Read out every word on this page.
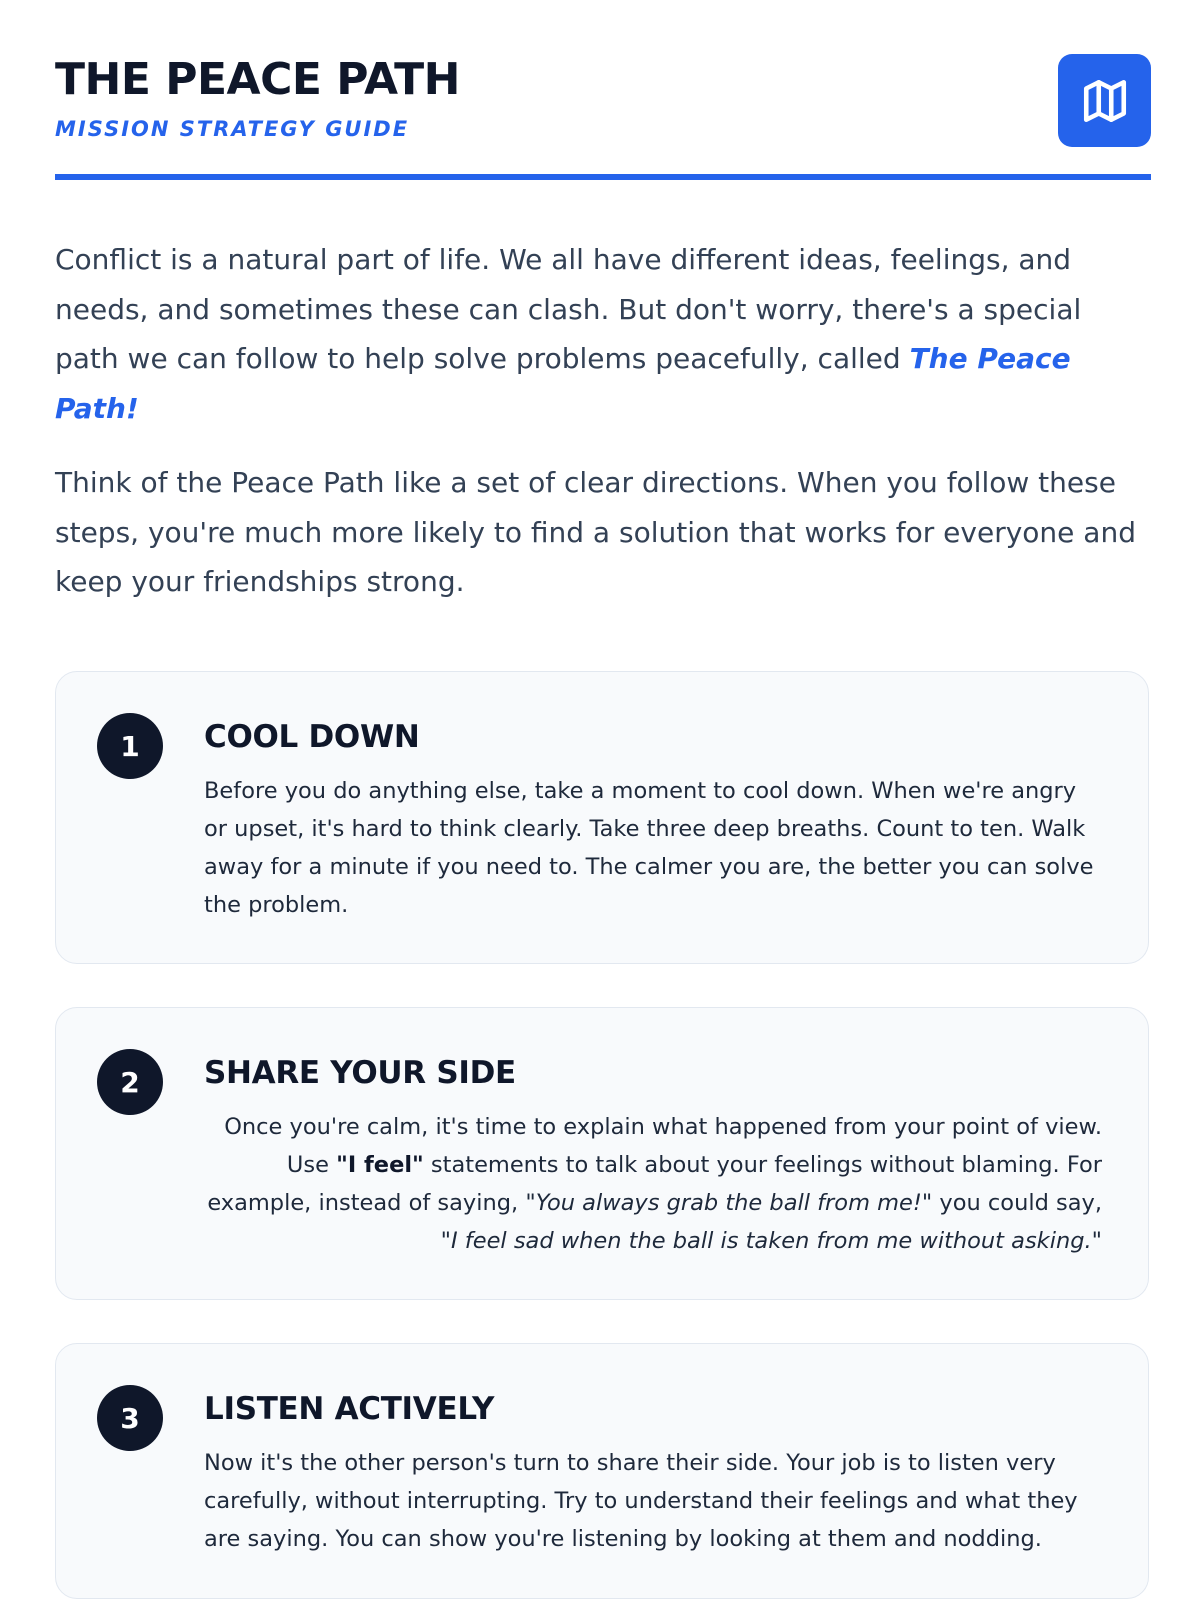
THE PEACE PATH
MISSION STRATEGY GUIDE

Conflict is a natural part of life. We all have different ideas, feelings, and needs, and sometimes these can clash. But don't worry, there's a special path we can follow to help solve problems peacefully, called The Peace Path!

Think of the Peace Path like a set of clear directions. When you follow these steps, you're much more likely to find a solution that works for everyone and keep your friendships strong.

1	COOL DOWN
Before you do anything else, take a moment to cool down. When we're angry or upset, it's hard to think clearly. Take three deep breaths. Count to ten. Walk away for a minute if you need to. The calmer you are, the better you can solve the problem.
2	SHARE YOUR SIDE
Once you're calm, it's time to explain what happened from your point of view. Use "I feel" statements to talk about your feelings without blaming. For example, instead of saying, "You always grab the ball from me!" you could say, "I feel sad when the ball is taken from me without asking."
3	LISTEN ACTIVELY
Now it's the other person's turn to share their side. Your job is to listen very carefully, without interrupting. Try to understand their feelings and what they are saying. You can show you're listening by looking at them and nodding.
